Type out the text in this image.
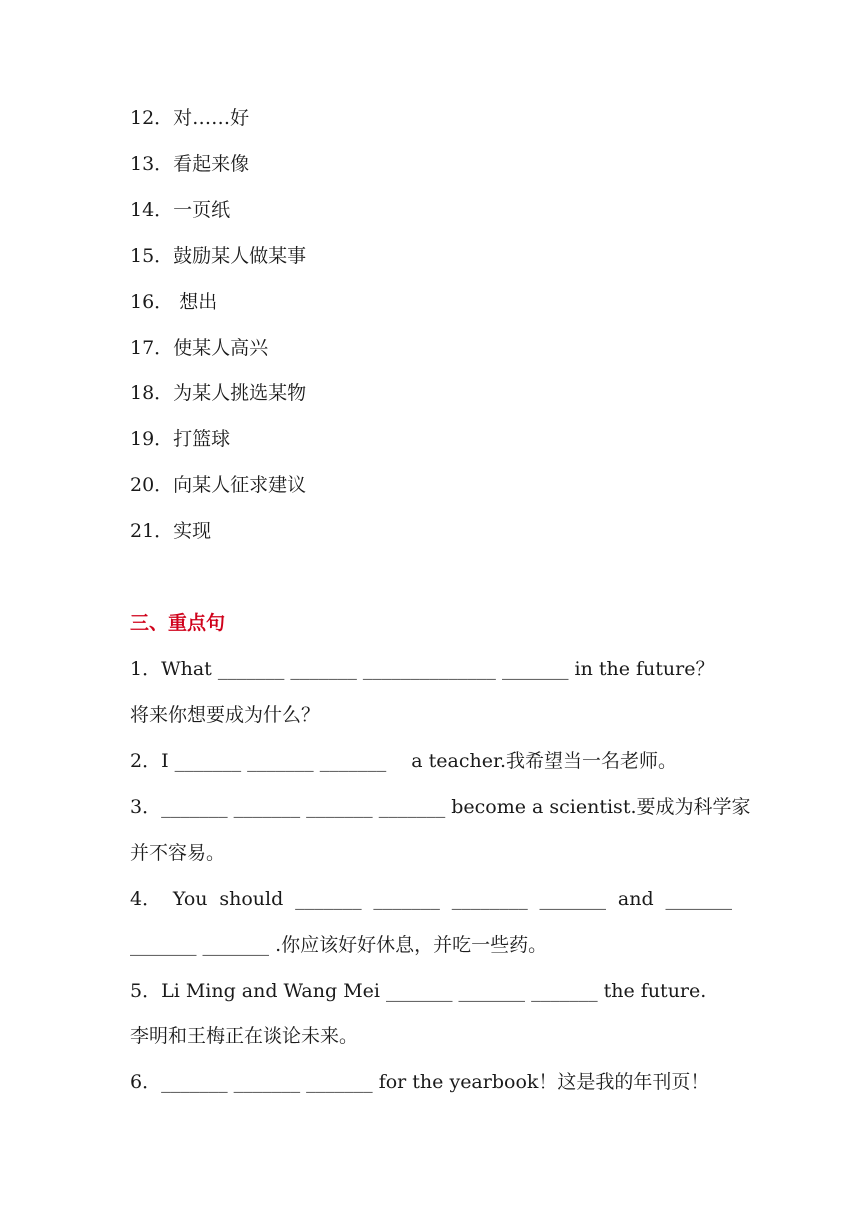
12．对……好
13．看起来像
14．一页纸
15．鼓励某人做某事
16． 想出
17．使某人高兴
18．为某人挑选某物
19．打篮球
20．向某人征求建议
21．实现
三、重点句
1．What _______ _______ ______________ _______ in the future？
将来你想要成为什么？
2．I _______ _______ _______　 a teacher.我希望当一名老师。
3．_______ _______ _______ _______ become a scientist.要成为科学家
并不容易。
4． You should _______ _______ ________ _______ and _______
_______ _______ .你应该好好休息，并吃一些药。
5．Li Ming and Wang Mei _______ _______ _______ the future.
李明和王梅正在谈论未来。
6．_______ _______ _______ for the yearbook！这是我的年刊页！
